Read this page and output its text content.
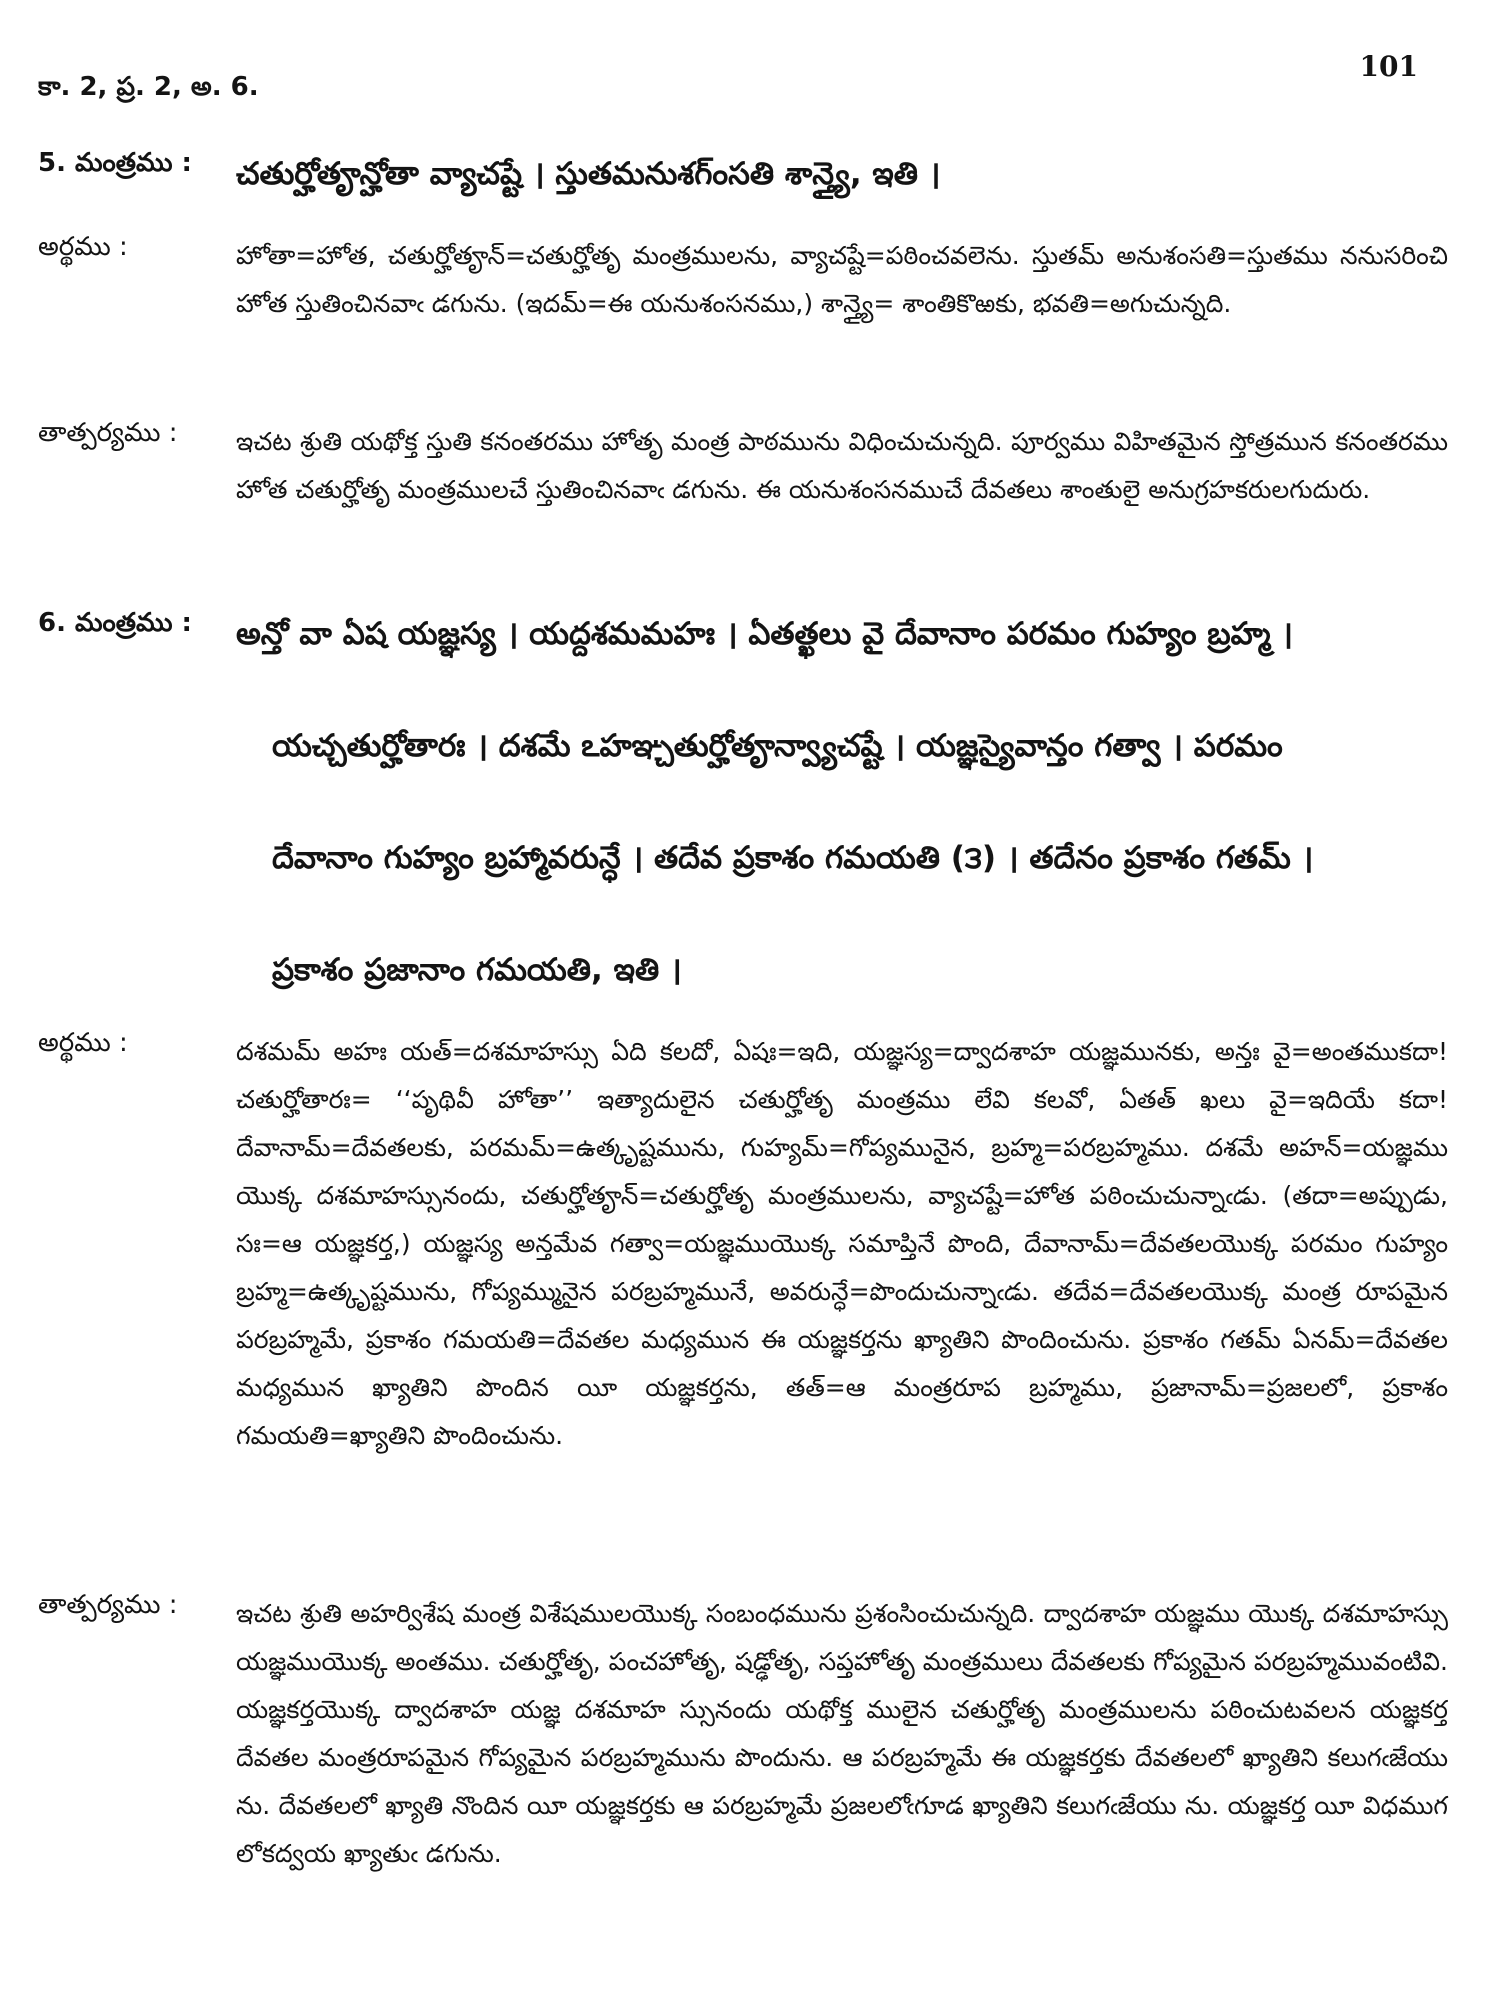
కా. 2, ప్ర. 2, అ. 6.
101
5. మంత్రము :	చతుర్హోతౄన్హోతా వ్యాచష్టే । స్తుతమనుశగ్ంసతి శాన్త్యై, ఇతి ।
అర్థము :	హోతా=హోత, చతుర్హోతౄన్=చతుర్హోతృ మంత్రములను, వ్యాచష్టే=పఠించవలెను. స్తుతమ్ అనుశంసతి=స్తుతము ననుసరించి హోత స్తుతించినవాఁ డగును. (ఇదమ్=ఈ యనుశంసనము,) శాన్త్యై= శాంతికొఱకు, భవతి=అగుచున్నది.
తాత్పర్యము :	ఇచట శ్రుతి యథోక్త స్తుతి కనంతరము హోతృ మంత్ర పాఠమును విధించుచున్నది. పూర్వము విహితమైన స్తోత్రమున కనంతరము హోత చతుర్హోతృ మంత్రములచే స్తుతించినవాఁ డగును. ఈ యనుశంసనముచే దేవతలు శాంతులై అనుగ్రహకరులగుదురు.
6. మంత్రము :	అన్తో వా ఏష యజ్ఞస్య । యద్దశమమహః । ఏతత్ఖలు వై దేవానాం పరమం గుహ్యం బ్రహ్మ ।

యచ్చతుర్హోతారః । దశమే ఽహఞ్చతుర్హోతౄన్వ్యాచష్టే । యజ్ఞస్యైవాన్తం గత్వా । పరమం

దేవానాం గుహ్యం బ్రహ్మావరున్ధే । తదేవ ప్రకాశం గమయతి (౩) । తదేనం ప్రకాశం గతమ్ ।

ప్రకాశం ప్రజానాం గమయతి, ఇతి ।

అర్థము :	దశమమ్ అహః యత్=దశమాహస్సు ఏది కలదో, ఏషః=ఇది, యజ్ఞస్య=ద్వాదశాహ యజ్ఞమునకు, అన్తః వై=అంతముకదా! చతుర్హోతారః= ‘‘పృథివీ హోతా’’ ఇత్యాదులైన చతుర్హోతృ మంత్రము లేవి కలవో, ఏతత్ ఖలు వై=ఇదియే కదా! దేవానామ్=దేవతలకు, పరమమ్=ఉత్కృష్టమును, గుహ్యమ్=గోప్యమునైన, బ్రహ్మ=పరబ్రహ్మము. దశమే అహన్=యజ్ఞము యొక్క దశమాహస్సునందు, చతుర్హోతౄన్=చతుర్హోతృ మంత్రములను, వ్యాచష్టే=హోత పఠించుచున్నాఁడు. (తదా=అప్పుడు, సః=ఆ యజ్ఞకర్త,) యజ్ఞస్య అన్తమేవ గత్వా=యజ్ఞముయొక్క సమాప్తినే పొంది, దేవానామ్=దేవతలయొక్క పరమం గుహ్యం బ్రహ్మ=ఉత్కృష్టమును, గోప్యమ్మునైన పరబ్రహ్మమునే, అవరున్ధే=పొందుచున్నాఁడు. తదేవ=దేవతలయొక్క మంత్ర రూపమైన పరబ్రహ్మమే, ప్రకాశం గమయతి=దేవతల మధ్యమున ఈ యజ్ఞకర్తను ఖ్యాతిని పొందించును. ప్రకాశం గతమ్ ఏనమ్=దేవతల మధ్యమున ఖ్యాతిని పొందిన యీ యజ్ఞకర్తను, తత్=ఆ మంత్రరూప బ్రహ్మము, ప్రజానామ్=ప్రజలలో, ప్రకాశం గమయతి=ఖ్యాతిని పొందించును.
తాత్పర్యము :	ఇచట శ్రుతి అహర్విశేష మంత్ర విశేషములయొక్క సంబంధమును ప్రశంసించుచున్నది. ద్వాదశాహ యజ్ఞము యొక్క దశమాహస్సు యజ్ఞముయొక్క అంతము. చతుర్హోతృ, పంచహోతృ, షడ్ఢోతృ, సప్తహోతృ మంత్రములు దేవతలకు గోప్యమైన పరబ్రహ్మమువంటివి. యజ్ఞకర్తయొక్క ద్వాదశాహ యజ్ఞ దశమాహ స్సునందు యథోక్త ములైన చతుర్హోతృ మంత్రములను పఠించుటవలన యజ్ఞకర్త దేవతల మంత్రరూపమైన గోప్యమైన పరబ్రహ్మమును పొందును. ఆ పరబ్రహ్మమే ఈ యజ్ఞకర్తకు దేవతలలో ఖ్యాతిని కలుగఁజేయు ను. దేవతలలో ఖ్యాతి నొందిన యీ యజ్ఞకర్తకు ఆ పరబ్రహ్మమే ప్రజలలోఁగూడ ఖ్యాతిని కలుగఁజేయు ను. యజ్ఞకర్త యీ విధముగ లోకద్వయ ఖ్యాతుఁ డగును.
